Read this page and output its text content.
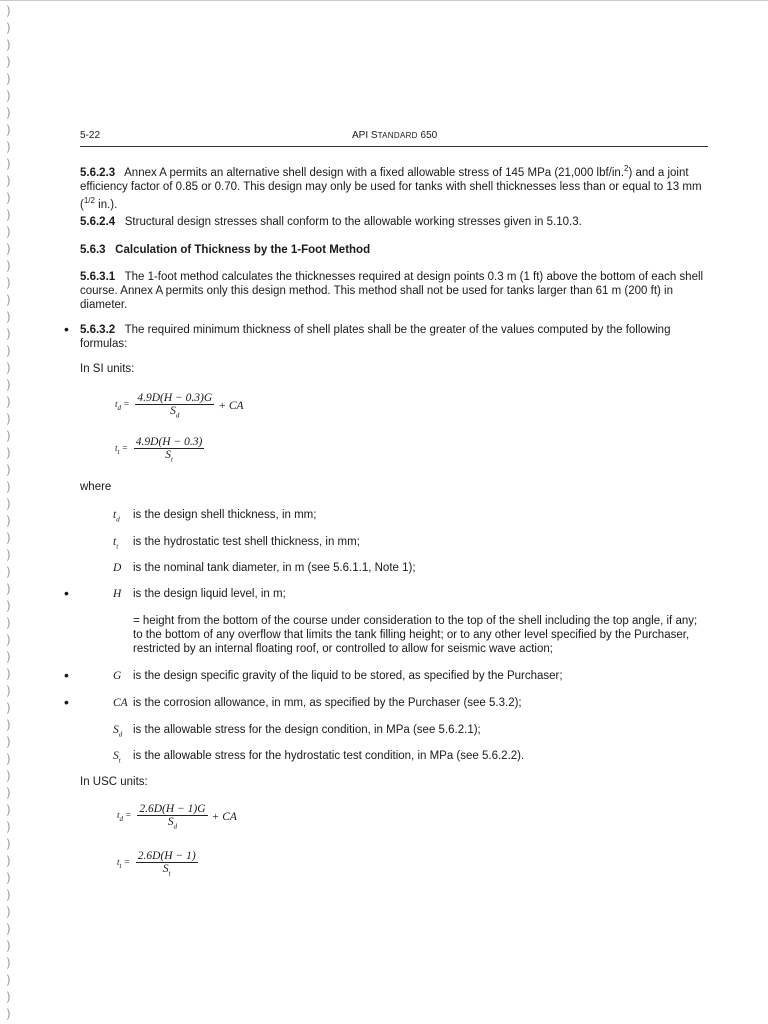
)
)
)
)
)
)
)
)
)
)
)
)
)
)
)
)
)
)
)
)
)
)
)
)
)
)
)
)
)
)
)
)
)
)
)
)
)
)
)
)
)
)
)
)
)
)
)
)
)
)
)
)
)
)
)
)
)
)
)
)
5-22	API STANDARD 650
5.6.2.3 Annex A permits an alternative shell design with a fixed allowable stress of 145 MPa (21,000 lbf/in.$^2$) and a joint efficiency factor of 0.85 or 0.70. This design may only be used for tanks with shell thicknesses less than or equal to 13 mm ($^{1/2}$ in.).
5.6.2.4 Structural design stresses shall conform to the allowable working stresses given in 5.10.3.
5.6.3 Calculation of Thickness by the 1-Foot Method
5.6.3.1 The 1-foot method calculates the thicknesses required at design points 0.3 m (1 ft) above the bottom of each shell course. Annex A permits only this design method. This method shall not be used for tanks larger than 61 m (200 ft) in diameter.
• 5.6.3.2 The required minimum thickness of shell plates shall be the greater of the values computed by the following formulas:
In SI units:
$t_d = \frac{4.9D(H - 0.3)G}{S_d}$ + CA
$t_t = \frac{4.9D(H - 0.3)}{S_t}$
where
$t_d$ is the design shell thickness, in mm;
$t_t$ is the hydrostatic test shell thickness, in mm;
D is the nominal tank diameter, in m (see 5.6.1.1, Note 1);
•	H is the design liquid level, in m;
= height from the bottom of the course under consideration to the top of the shell including the top angle, if any; to the bottom of any overflow that limits the tank filling height; or to any other level specified by the Purchaser, restricted by an internal floating roof, or controlled to allow for seismic wave action;
•	G is the design specific gravity of the liquid to be stored, as specified by the Purchaser;
•	CA is the corrosion allowance, in mm, as specified by the Purchaser (see 5.3.2);
$S_d$ is the allowable stress for the design condition, in MPa (see 5.6.2.1);
$S_t$ is the allowable stress for the hydrostatic test condition, in MPa (see 5.6.2.2).
In USC units:
$t_d = \frac{2.6D(H - 1)G}{S_d}$ + CA
$t_t = \frac{2.6D(H - 1)}{S_t}$
